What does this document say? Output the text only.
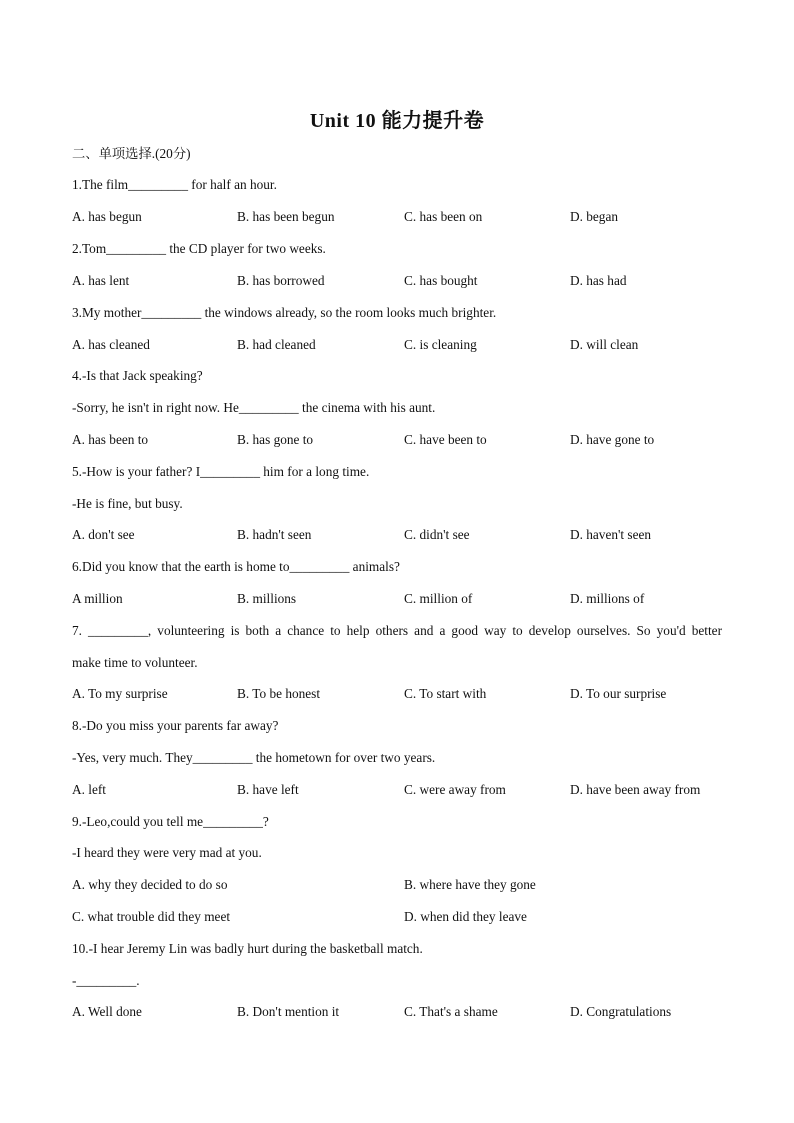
Unit 10 能力提升卷
二、单项选择.(20分)
1.The film_________ for half an hour.
A. has begun	B. has been begun	C. has been on	D. began
2.Tom_________ the CD player for two weeks.
A. has lent	B. has borrowed	C. has bought	D. has had
3.My mother_________ the windows already, so the room looks much brighter.
A. has cleaned	B. had cleaned	C. is cleaning	D. will clean
4.-Is that Jack speaking?
-Sorry, he isn't in right now. He_________ the cinema with his aunt.
A. has been to	B. has gone to	C. have been to	D. have gone to
5.-How is your father? I_________ him for a long time.
-He is fine, but busy.
A. don't see	B. hadn't seen	C. didn't see	D. haven't seen
6.Did you know that the earth is home to_________ animals?
A million	B. millions	C. million of	D. millions of
7. _________, volunteering is both a chance to help others and a good way to develop ourselves. So you'd better
make time to volunteer.
A. To my surprise	B. To be honest	C. To start with	D. To our surprise
8.-Do you miss your parents far away?
-Yes, very much. They_________ the hometown for over two years.
A. left	B. have left	C. were away from	D. have been away from
9.-Leo,could you tell me_________?
-I heard they were very mad at you.
A. why they decided to do so	B. where have they gone
C. what trouble did they meet	D. when did they leave
10.-I hear Jeremy Lin was badly hurt during the basketball match.
-_________.
A. Well done	B. Don't mention it	C. That's a shame	D. Congratulations
